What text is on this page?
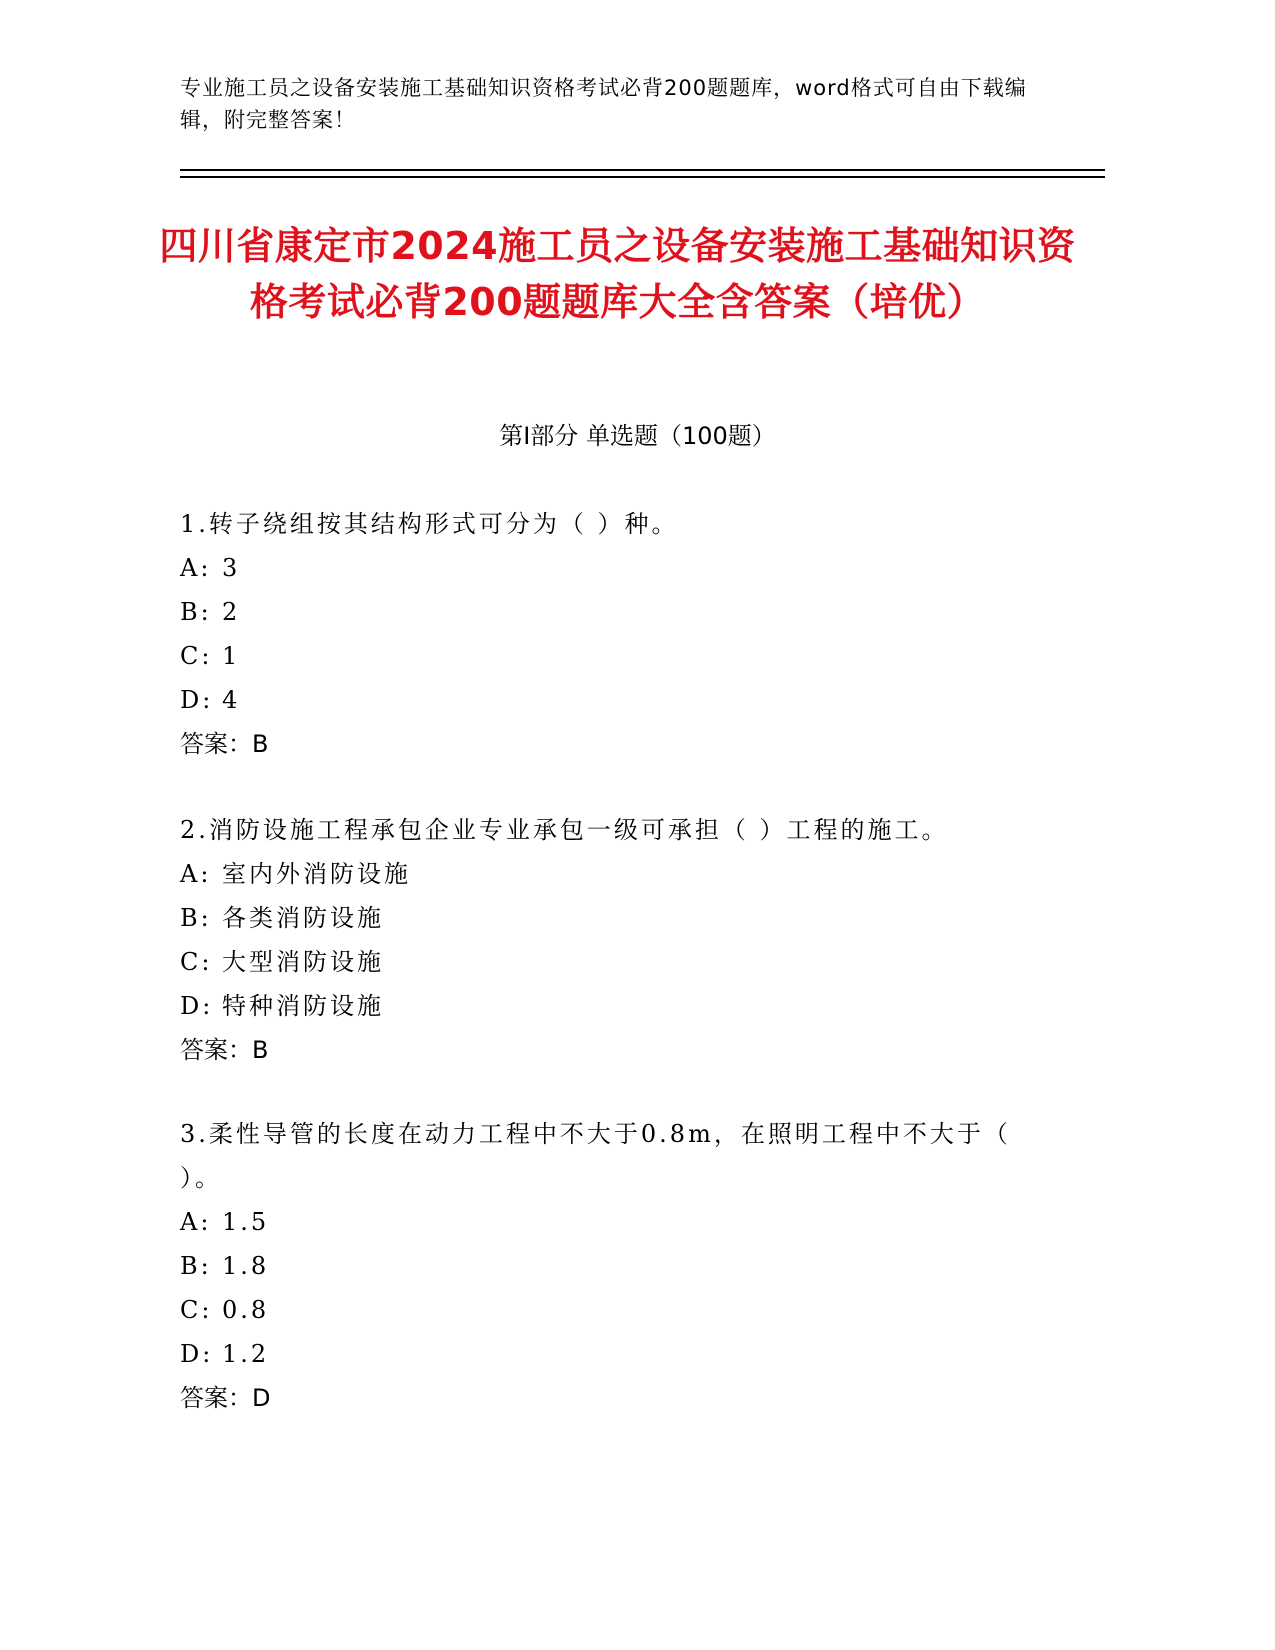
专业施工员之设备安装施工基础知识资格考试必背200题题库，word格式可自由下载编辑，附完整答案！
四川省康定市2024施工员之设备安装施工基础知识资格考试必背200题题库大全含答案（培优）
第I部分 单选题（100题）
1.转子绕组按其结构形式可分为（ ）种。
A: 3
B: 2
C: 1
D: 4
答案：B
2.消防设施工程承包企业专业承包一级可承担（ ）工程的施工。
A: 室内外消防设施
B: 各类消防设施
C: 大型消防设施
D: 特种消防设施
答案：B
3.柔性导管的长度在动力工程中不大于0.8m，在照明工程中不大于（ ）。
A: 1.5
B: 1.8
C: 0.8
D: 1.2
答案：D
